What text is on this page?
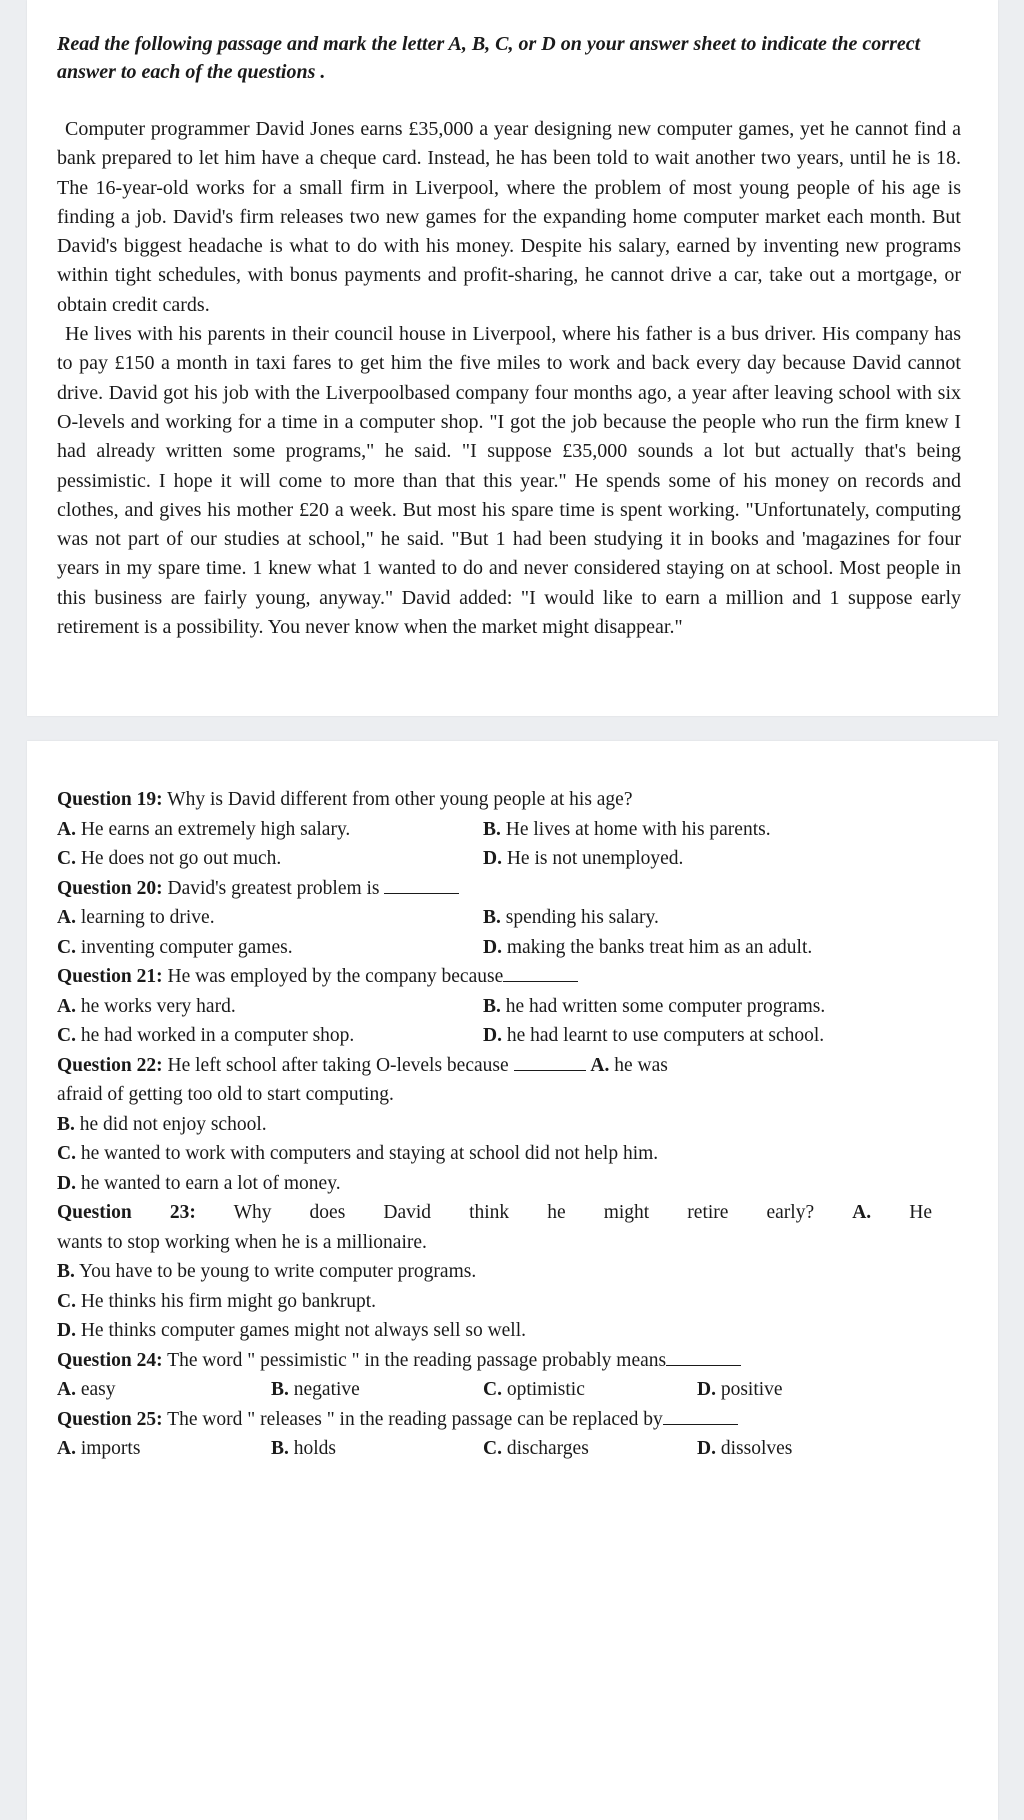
Read the following passage and mark the letter A, B, C, or D on your answer sheet to indicate the correct answer to each of the questions .

Computer programmer David Jones earns £35,000 a year designing new computer games, yet he cannot find a bank prepared to let him have a cheque card. Instead, he has been told to wait another two years, until he is 18. The 16-year-old works for a small firm in Liverpool, where the problem of most young people of his age is finding a job. David's firm releases two new games for the expanding home computer market each month. But David's biggest headache is what to do with his money. Despite his salary, earned by inventing new programs within tight schedules, with bonus payments and profit-sharing, he cannot drive a car, take out a mortgage, or obtain credit cards.

He lives with his parents in their council house in Liverpool, where his father is a bus driver. His company has to pay £150 a month in taxi fares to get him the five miles to work and back every day because David cannot drive. David got his job with the Liverpoolbased company four months ago, a year after leaving school with six O-levels and working for a time in a computer shop. "I got the job because the people who run the firm knew I had already written some programs," he said. "I suppose £35,000 sounds a lot but actually that's being pessimistic. I hope it will come to more than that this year." He spends some of his money on records and clothes, and gives his mother £20 a week. But most his spare time is spent working. "Unfortunately, computing was not part of our studies at school," he said. "But 1 had been studying it in books and 'magazines for four years in my spare time. 1 knew what 1 wanted to do and never considered staying on at school. Most people in this business are fairly young, anyway." David added: "I would like to earn a million and 1 suppose early retirement is a possibility. You never know when the market might disappear."

Question 19: Why is David different from other young people at his age?
A. He earns an extremely high salary.	B. He lives at home with his parents.
C. He does not go out much.	D. He is not unemployed.
Question 20: David's greatest problem is
A. learning to drive.	B. spending his salary.
C. inventing computer games.	D. making the banks treat him as an adult.
Question 21: He was employed by the company because
A. he works very hard.	B. he had written some computer programs.
C. he had worked in a computer shop.	D. he had learnt to use computers at school.
Question 22: He left school after taking O-levels because	A. he was
afraid of getting too old to start computing.
B. he did not enjoy school.
C. he wanted to work with computers and staying at school did not help him.
D. he wanted to earn a lot of money.
Question 23: Why does David think he might retire early? A. He
wants to stop working when he is a millionaire.
B. You have to be young to write computer programs.
C. He thinks his firm might go bankrupt.
D. He thinks computer games might not always sell so well.
Question 24: The word " pessimistic " in the reading passage probably means
A. easy	B. negative	C. optimistic	D. positive
Question 25: The word " releases " in the reading passage can be replaced by
A. imports	B. holds	C. discharges	D. dissolves
